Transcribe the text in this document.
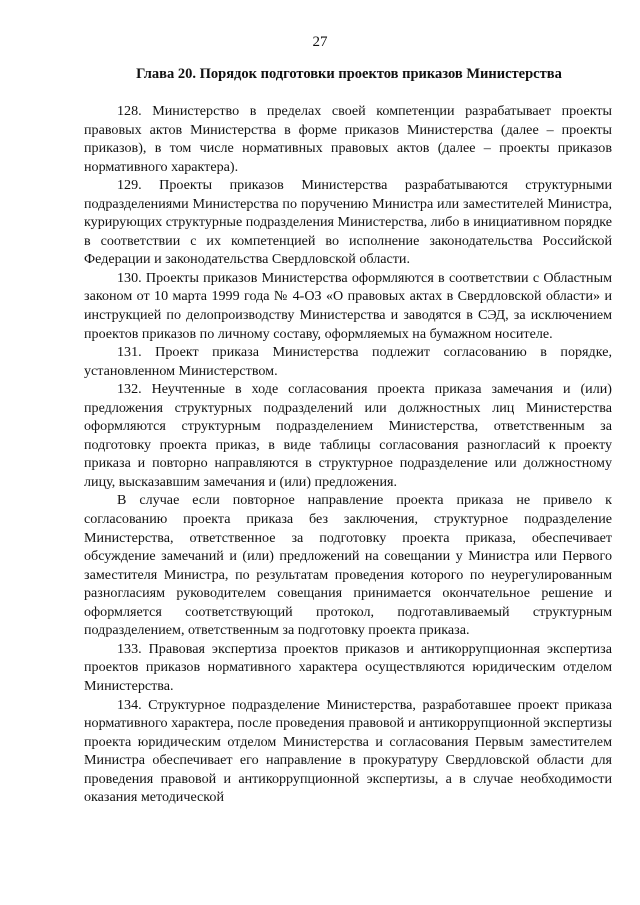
27
Глава 20. Порядок подготовки проектов приказов Министерства

128. Министерство в пределах своей компетенции разрабатывает проекты правовых актов Министерства в форме приказов Министерства (далее – проекты приказов), в том числе нормативных правовых актов (далее – проекты приказов нормативного характера).

129. Проекты приказов Министерства разрабатываются структурными подразделениями Министерства по поручению Министра или заместителей Министра, курирующих структурные подразделения Министерства, либо в инициативном порядке в соответствии с их компетенцией во исполнение законодательства Российской Федерации и законодательства Свердловской области.

130. Проекты приказов Министерства оформляются в соответствии с Областным законом от 10 марта 1999 года № 4-ОЗ «О правовых актах в Свердловской области» и инструкцией по делопроизводству Министерства и заводятся в СЭД, за исключением проектов приказов по личному составу, оформляемых на бумажном носителе.

131. Проект приказа Министерства подлежит согласованию в порядке, установленном Министерством.

132. Неучтенные в ходе согласования проекта приказа замечания и (или) предложения структурных подразделений или должностных лиц Министерства оформляются структурным подразделением Министерства, ответственным за подготовку проекта приказ, в виде таблицы согласования разногласий к проекту приказа и повторно направляются в структурное подразделение или должностному лицу, высказавшим замечания и (или) предложения.

В случае если повторное направление проекта приказа не привело к согласованию проекта приказа без заключения, структурное подразделение Министерства, ответственное за подготовку проекта приказа, обеспечивает обсуждение замечаний и (или) предложений на совещании у Министра или Первого заместителя Министра, по результатам проведения которого по неурегулированным разногласиям руководителем совещания принимается окончательное решение и оформляется соответствующий протокол, подготавливаемый структурным подразделением, ответственным за подготовку проекта приказа.

133. Правовая экспертиза проектов приказов и антикоррупционная экспертиза проектов приказов нормативного характера осуществляются юридическим отделом Министерства.

134. Структурное подразделение Министерства, разработавшее проект приказа нормативного характера, после проведения правовой и антикоррупционной экспертизы проекта юридическим отделом Министерства и согласования Первым заместителем Министра обеспечивает его направление в прокуратуру Свердловской области для проведения правовой и антикоррупционной экспертизы, а в случае необходимости оказания методической
